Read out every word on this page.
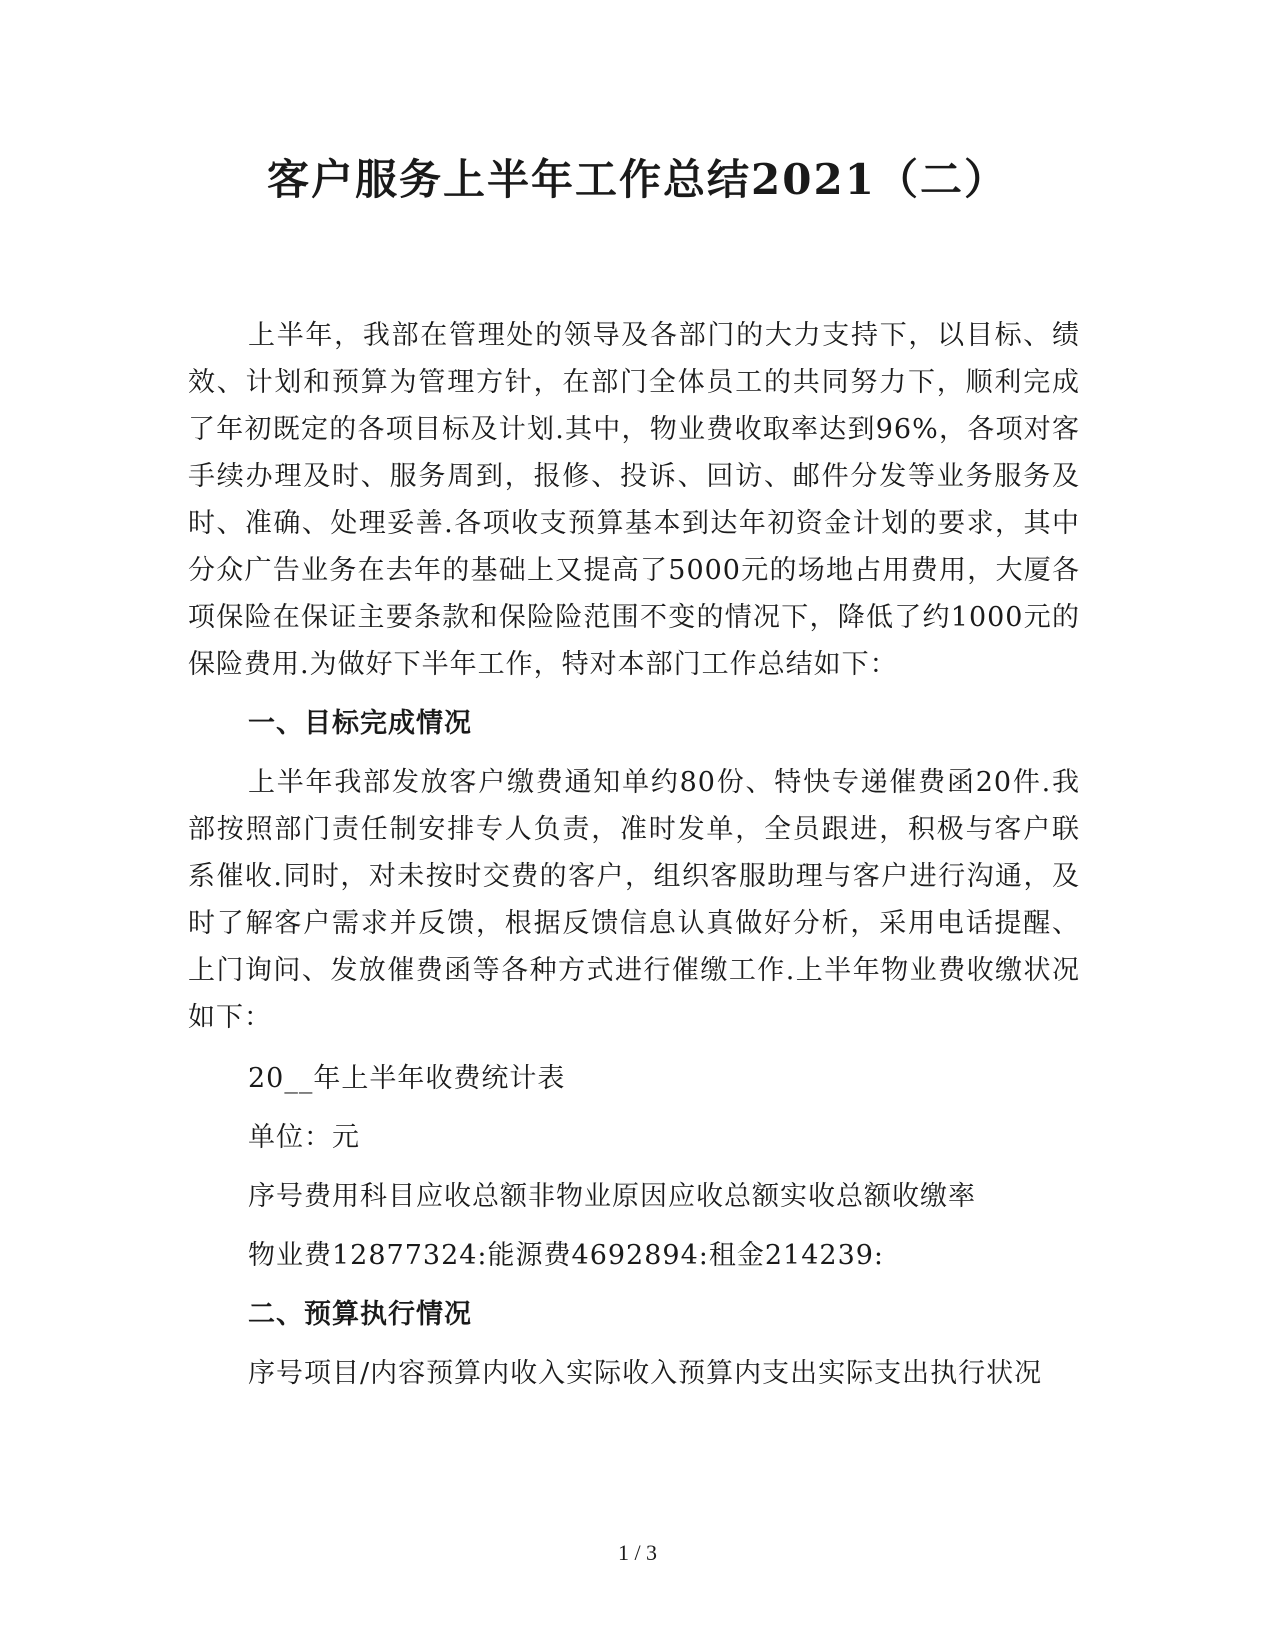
客户服务上半年工作总结2021（二）

上半年，我部在管理处的领导及各部门的大力支持下，以目标、绩效、计划和预算为管理方针，在部门全体员工的共同努力下，顺利完成了年初既定的各项目标及计划.其中，物业费收取率达到96%，各项对客手续办理及时、服务周到，报修、投诉、回访、邮件分发等业务服务及时、准确、处理妥善.各项收支预算基本到达年初资金计划的要求，其中分众广告业务在去年的基础上又提高了5000元的场地占用费用，大厦各项保险在保证主要条款和保险险范围不变的情况下，降低了约1000元的保险费用.为做好下半年工作，特对本部门工作总结如下：

一、目标完成情况

上半年我部发放客户缴费通知单约80份、特快专递催费函20件.我部按照部门责任制安排专人负责，准时发单，全员跟进，积极与客户联系催收.同时，对未按时交费的客户，组织客服助理与客户进行沟通，及时了解客户需求并反馈，根据反馈信息认真做好分析，采用电话提醒、上门询问、发放催费函等各种方式进行催缴工作.上半年物业费收缴状况如下：

20__年上半年收费统计表

单位：元

序号费用科目应收总额非物业原因应收总额实收总额收缴率

物业费12877324:能源费4692894:租金214239:

二、预算执行情况

序号项目/内容预算内收入实际收入预算内支出实际支出执行状况

1 / 3
